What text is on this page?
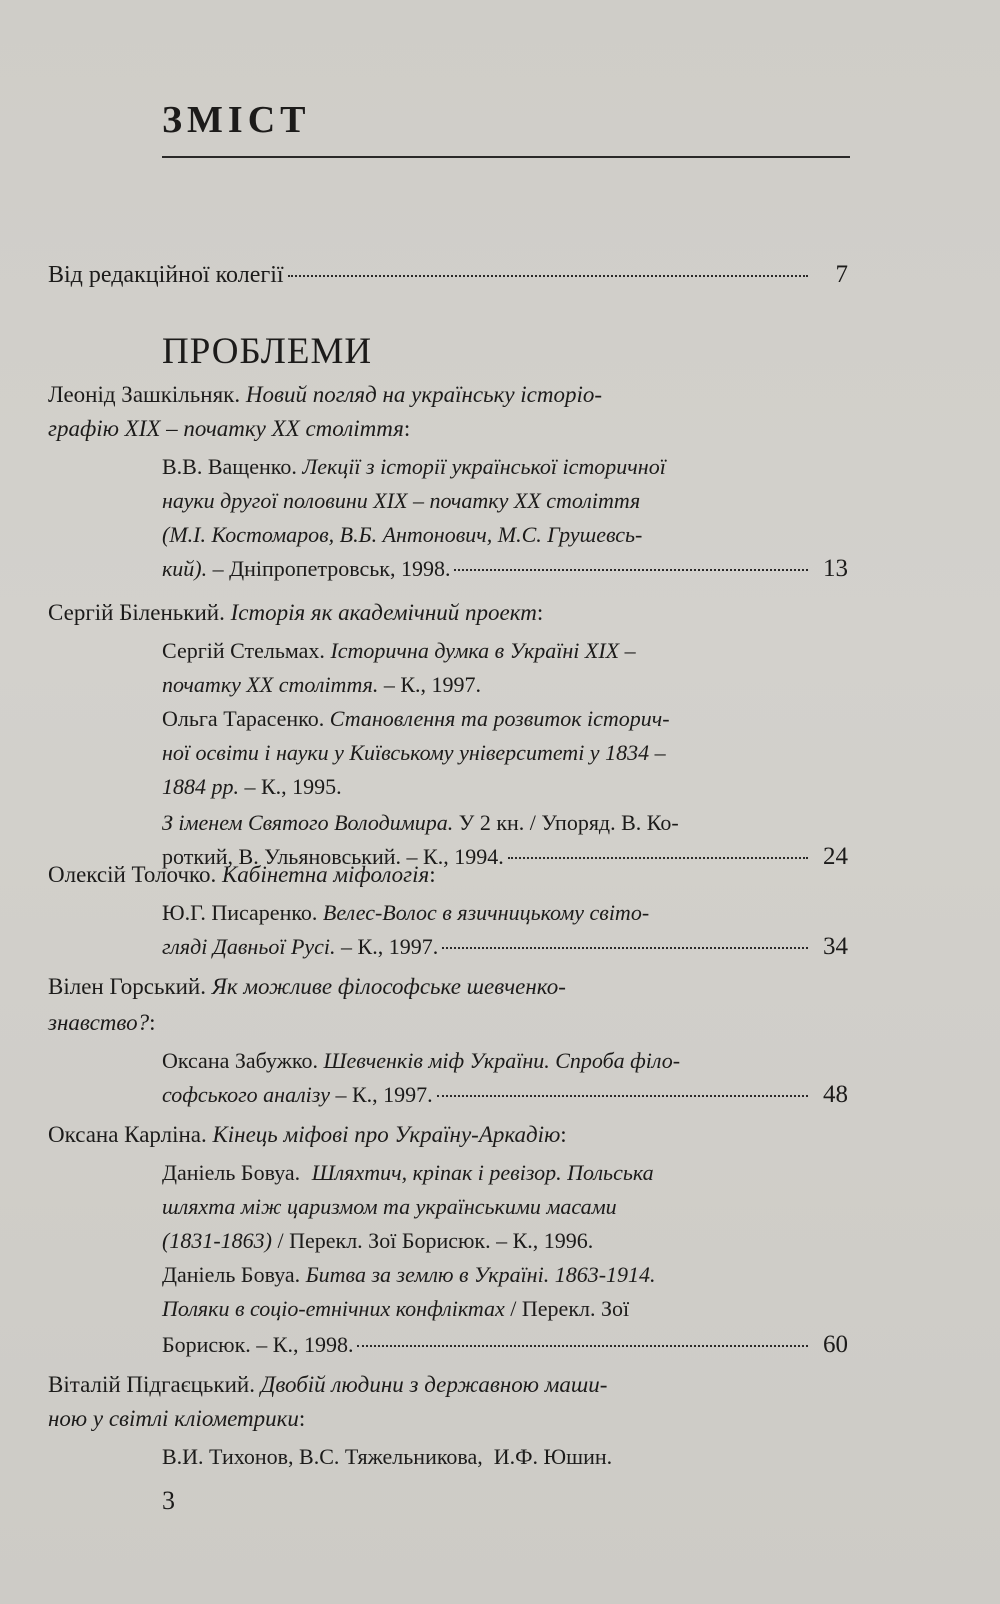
ЗМІСТ
Від редакційної колегії	7
ПРОБЛЕМИ
Леонід Зашкільняк. Новий погляд на українську історіо-
графію XIX – початку XX століття:
В.В. Ващенко. Лекції з історії української історичної
науки другої половини XIX – початку XX століття
(М.І. Костомаров, В.Б. Антонович, М.С. Грушевсь-
кий). – Дніпропетровськ, 1998.	13
Сергій Біленький. Історія як академічний проект:
Сергій Стельмах. Історична думка в Україні XIX –
початку XX століття. – К., 1997.
Ольга Тарасенко. Становлення та розвиток історич-
ної освіти і науки у Київському університеті у 1834 –
1884 рр. – К., 1995.
З іменем Святого Володимира. У 2 кн. / Упоряд. В. Ко-
роткий, В. Ульяновський. – К., 1994.	24
Олексій Толочко. Кабінетна міфологія:
Ю.Г. Писаренко. Велес-Волос в язичницькому світо-
гляді Давньої Русі. – К., 1997.	34
Вілен Горський. Як можливе філософське шевченко-
знавство?:
Оксана Забужко. Шевченків міф України. Спроба філо-
софського аналізу – К., 1997.	48
Оксана Карліна. Кінець міфові про Україну-Аркадію:
Даніель Бовуа. Шляхтич, кріпак і ревізор. Польська
шляхта між царизмом та українськими масами
(1831-1863) / Перекл. Зої Борисюк. – К., 1996.
Даніель Бовуа. Битва за землю в Україні. 1863-1914.
Поляки в соціо-етнічних конфліктах / Перекл. Зої
Борисюк. – К., 1998.	60
Віталій Підгаєцький. Двобій людини з державною маши-
ною у світлі кліометрики:
В.И. Тихонов, В.С. Тяжельникова,  И.Ф. Юшин.
3
